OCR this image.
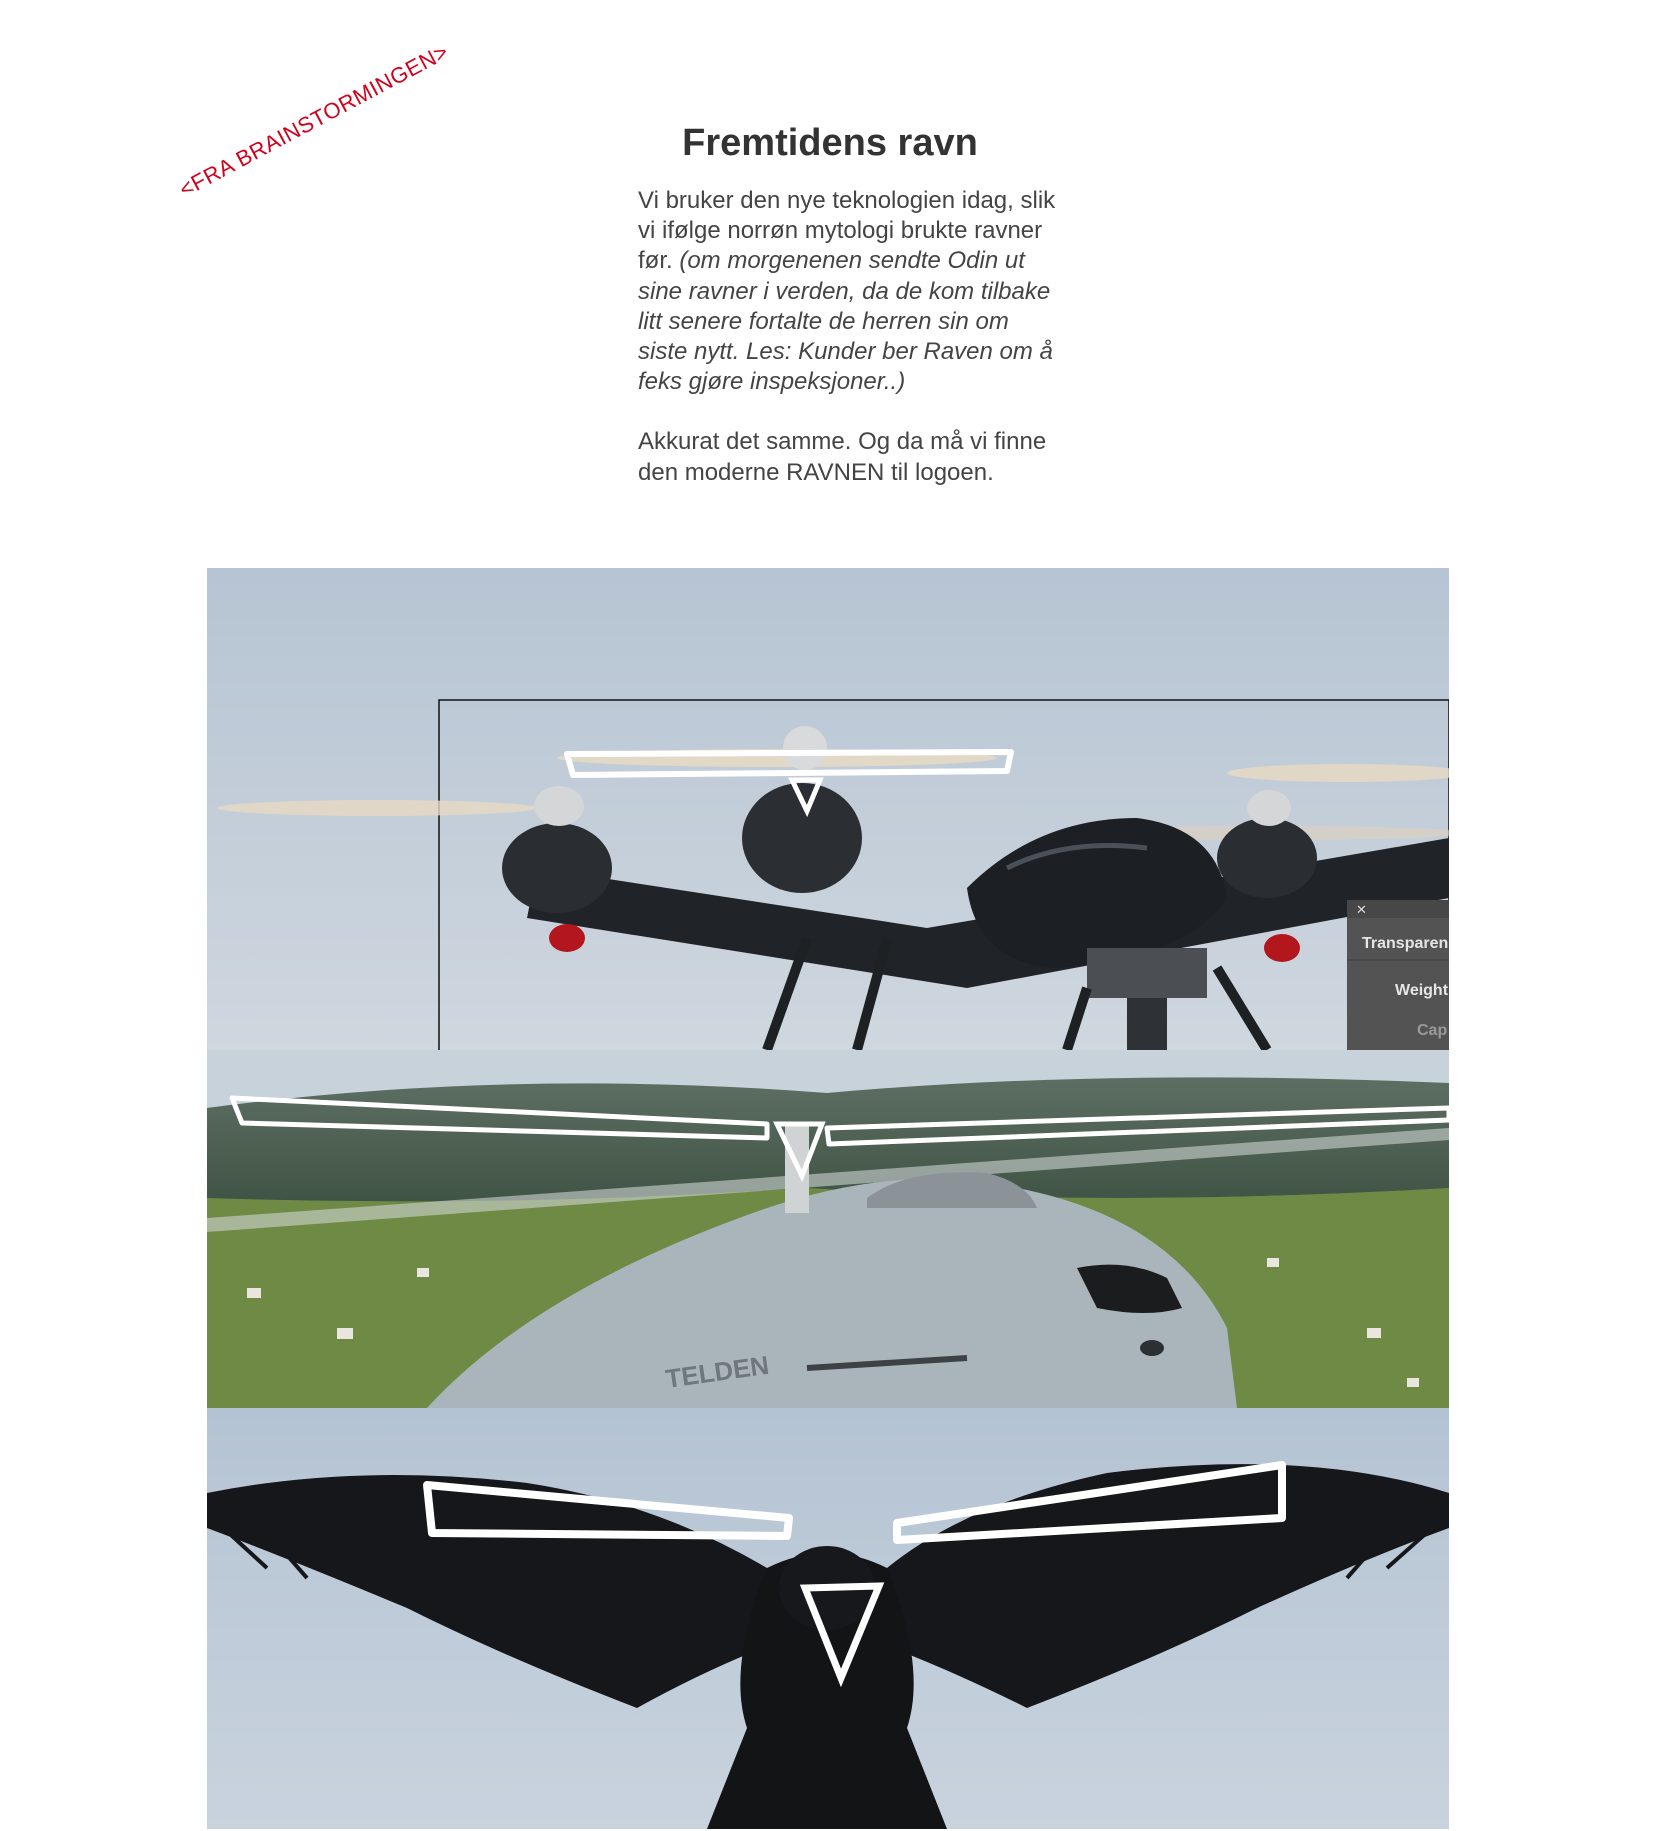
<FRA BRAINSTORMINGEN>	Fremtidens ravn

Vi bruker den nye teknologien idag, slik vi ifølge norrøn mytologi brukte ravner før. (om morgenenen sendte Odin ut sine ravner i verden, da de kom tilbake litt senere fortalte de herren sin om siste nytt. Les: Kunder ber Raven om å feks gjøre inspeksjoner..)

Akkurat det samme. Og da må vi finne den moderne RAVNEN til logoen.

✕
Transparen
Weight
Cap
TELDEN
